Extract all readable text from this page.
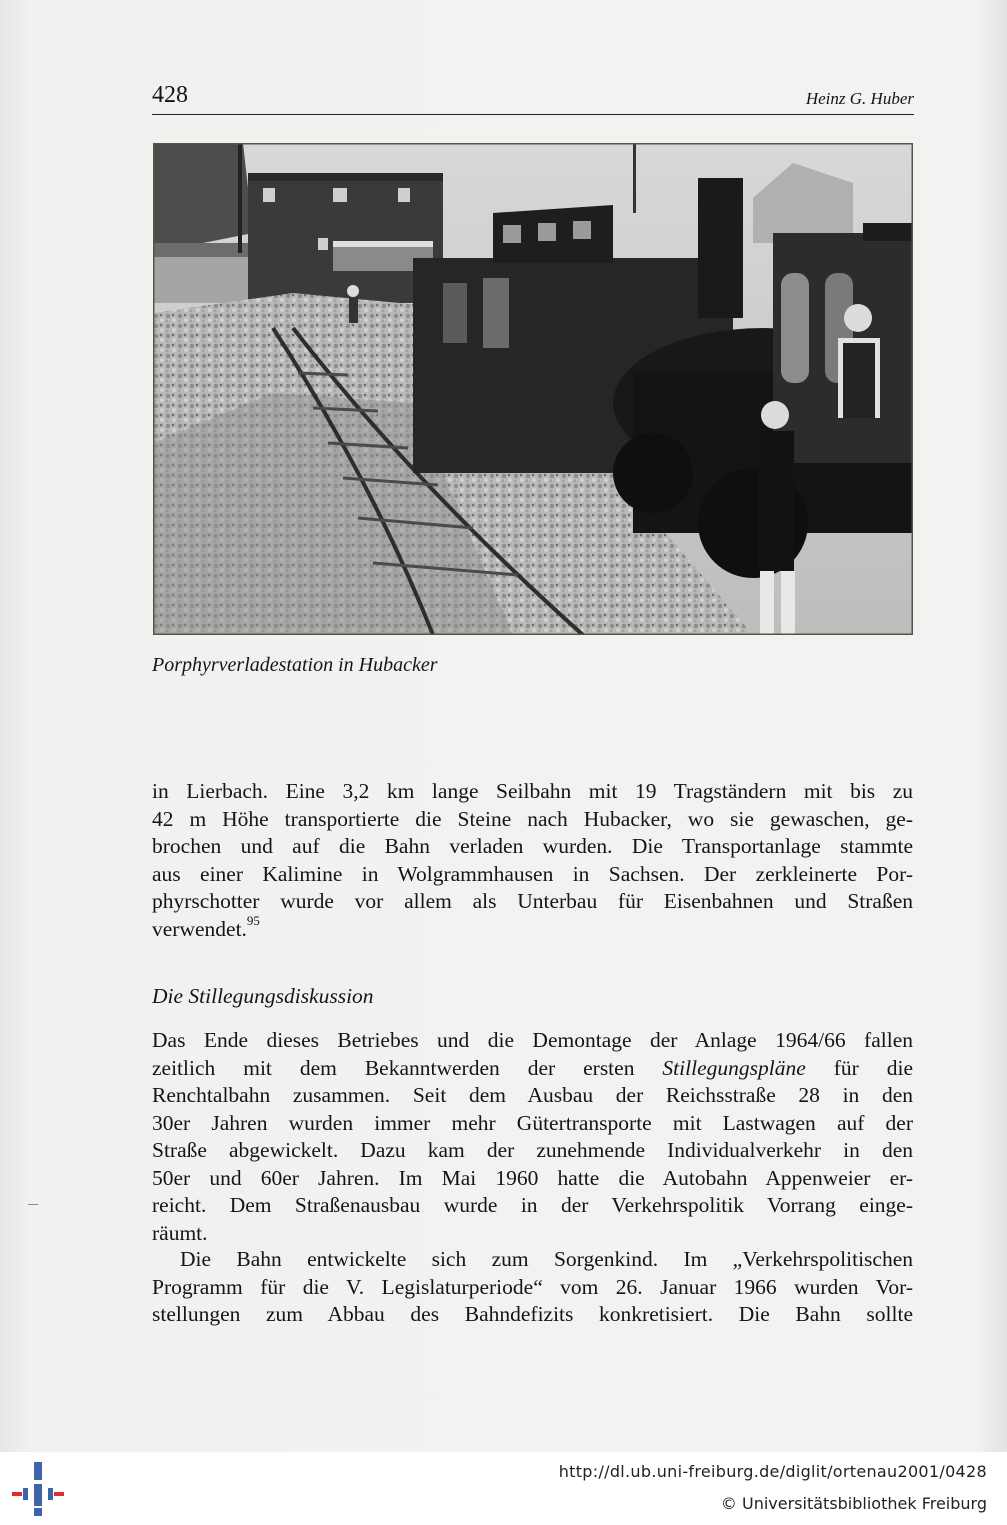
428	Heinz G. Huber
Porphyrverladestation in Hubacker
in Lierbach. Eine 3,2 km lange Seilbahn mit 19 Tragständern mit bis zu
42 m Höhe transportierte die Steine nach Hubacker, wo sie gewaschen, ge-
brochen und auf die Bahn verladen wurden. Die Transportanlage stammte
aus einer Kalimine in Wolgrammhausen in Sachsen. Der zerkleinerte Por-
phyrschotter wurde vor allem als Unterbau für Eisenbahnen und Straßen
verwendet.$^{95}$
Die Stillegungsdiskussion
Das Ende dieses Betriebes und die Demontage der Anlage 1964/66 fallen
zeitlich mit dem Bekanntwerden der ersten Stillegungspläne für die
Renchtalbahn zusammen. Seit dem Ausbau der Reichsstraße 28 in den
30er Jahren wurden immer mehr Gütertransporte mit Lastwagen auf der
Straße abgewickelt. Dazu kam der zunehmende Individualverkehr in den
50er und 60er Jahren. Im Mai 1960 hatte die Autobahn Appenweier er-
reicht. Dem Straßenausbau wurde in der Verkehrspolitik Vorrang einge-
räumt.
Die Bahn entwickelte sich zum Sorgenkind. Im „Verkehrspolitischen
Programm für die V. Legislaturperiode“ vom 26. Januar 1966 wurden Vor-
stellungen zum Abbau des Bahndefizits konkretisiert. Die Bahn sollte
http://dl.ub.uni-freiburg.de/diglit/ortenau2001/0428
© Universitätsbibliothek Freiburg
